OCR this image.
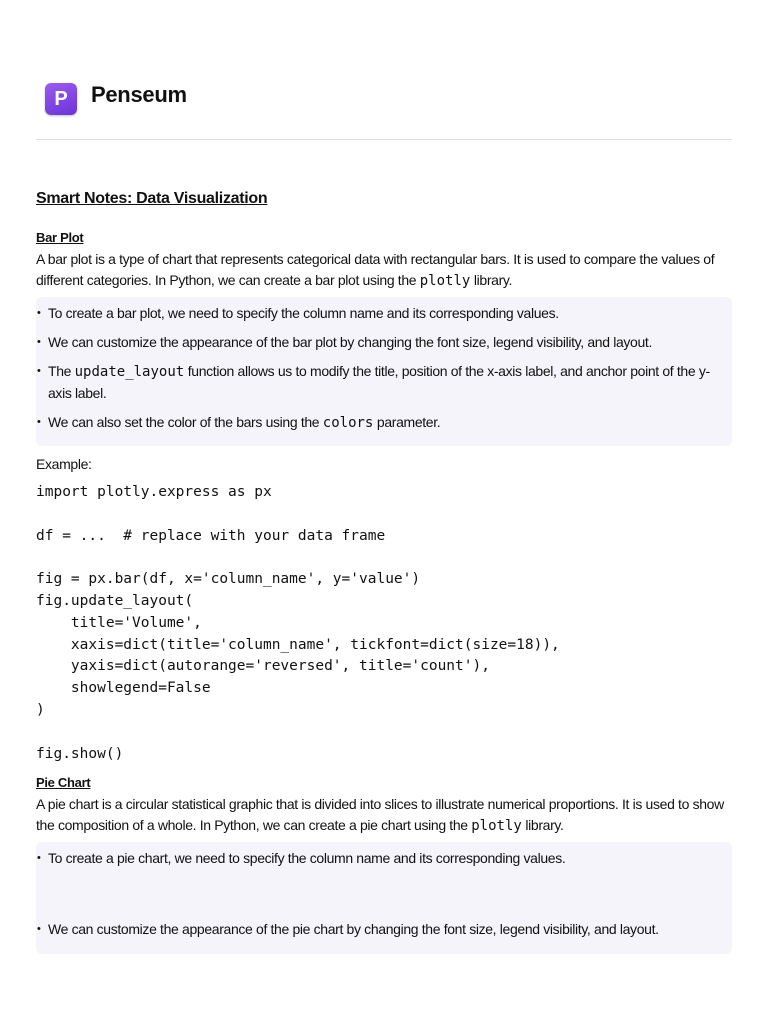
P	Penseum
Smart Notes: Data Visualization
Bar Plot

A bar plot is a type of chart that represents categorical data with rectangular bars. It is used to compare the values of different categories. In Python, we can create a bar plot using the plotly library.

• To create a bar plot, we need to specify the column name and its corresponding values.
• We can customize the appearance of the bar plot by changing the font size, legend visibility, and layout.
• The update_layout function allows us to modify the title, position of the x-axis label, and anchor point of the y-axis label.
• We can also set the color of the bars using the colors parameter.
Example:
import plotly.express as px

df = ...  # replace with your data frame

fig = px.bar(df, x='column_name', y='value')
fig.update_layout(
title='Volume',
xaxis=dict(title='column_name', tickfont=dict(size=18)),
yaxis=dict(autorange='reversed', title='count'),
showlegend=False
)

fig.show()
Pie Chart

A pie chart is a circular statistical graphic that is divided into slices to illustrate numerical proportions. It is used to show the composition of a whole. In Python, we can create a pie chart using the plotly library.

• To create a pie chart, we need to specify the column name and its corresponding values.
• We can customize the appearance of the pie chart by changing the font size, legend visibility, and layout.
